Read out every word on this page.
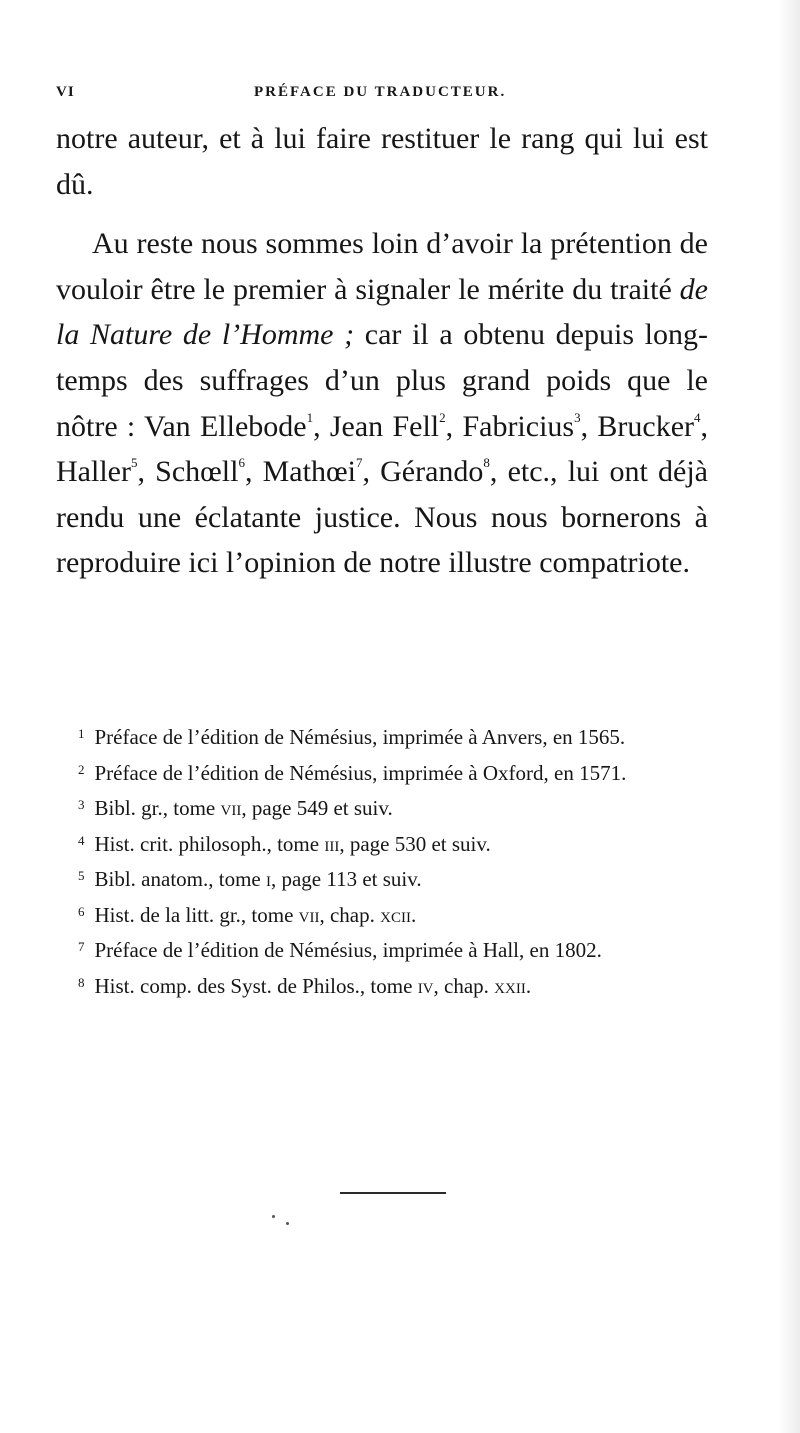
VI	PRÉFACE DU TRADUCTEUR.

notre auteur, et à lui faire restituer le rang qui lui est dû.

Au reste nous sommes loin d’avoir la prétention de vouloir être le premier à signaler le mérite du traité de la Nature de l’Homme ; car il a obtenu depuis long-temps des suffrages d’un plus grand poids que le nôtre : Van Ellebode$^1$, Jean Fell$^2$, Fabricius$^3$, Brucker$^4$, Haller$^5$, Schœll$^6$, Mathœi$^7$, Gérando$^8$, etc., lui ont déjà rendu une éclatante justice. Nous nous bornerons à reproduire ici l’opinion de notre illustre compatriote.

$^1$ Préface de l’édition de Némésius, imprimée à Anvers, en 1565.

$^2$ Préface de l’édition de Némésius, imprimée à Oxford, en 1571.

$^3$ Bibl. gr., tome vii, page 549 et suiv.

$^4$ Hist. crit. philosoph., tome iii, page 530 et suiv.

$^5$ Bibl. anatom., tome i, page 113 et suiv.

$^6$ Hist. de la litt. gr., tome vii, chap. xcii.

$^7$ Préface de l’édition de Némésius, imprimée à Hall, en 1802.

$^8$ Hist. comp. des Syst. de Philos., tome iv, chap. xxii.
